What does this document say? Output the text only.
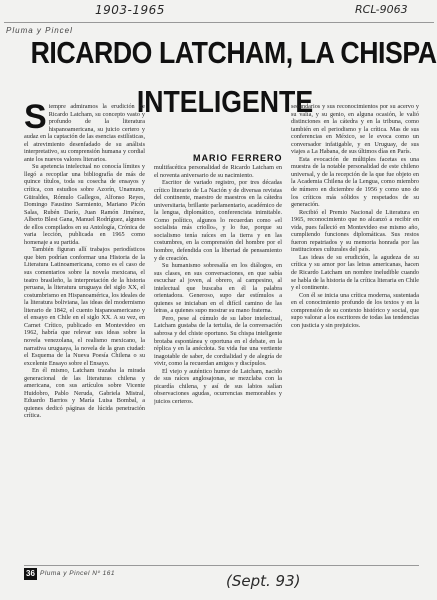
1903-1965	RCL-9063
Pluma y Pincel
RICARDO LATCHAM, LA CHISPA
INTELIGENTE
MARIO FERRERO
S iempre admiramos la erudición de Ricardo Latcham, su concepto vasto y profundo de la literatura hispanoamericana, su juicio certero y audaz en la captación de las esencias estilísticas, el atrevimiento desenfadado de su análisis interpretativo, su comprensión humana y cordial ante los nuevos valores literarios.

Su apetencia intelectual no conocía límites y llegó a recopilar una bibliografía de más de quince títulos, toda su cosecha de ensayos y crítica, con estudios sobre Azorín, Unamuno, Güiraldes, Rómulo Gallegos, Alfonso Reyes, Domingo Faustino Sarmiento, Mariano Picón Salas, Rubén Darío, Juan Ramón Jiménez, Alberto Blest Gana, Manuel Rodríguez, algunos de ellos compilados en su Antología, Crónica de varia lección, publicada en 1965 como homenaje a su partida.

También figuran allí trabajos periodísticos que bien podrían conformar una Historia de la Literatura Latinoamericana, como es el caso de sus comentarios sobre la novela mexicana, el teatro brasileño, la interpretación de la historia peruana, la literatura uruguaya del siglo XX, el costumbrismo en Hispanoamérica, los ideales de la literatura boliviana, las ideas del modernismo literario de 1842, el cuento hispanoamericano y el ensayo en Chile en el siglo XX. A su vez, en Carnet Crítico, publicado en Montevideo en 1962, habría que relevar sus ideas sobre la novela venezolana, el realismo mexicano, la narrativa uruguaya, la novela de la gran ciudad: el Esquema de la Nueva Poesía Chilena o su excelente Ensayo sobre el Ensayo.

En él mismo, Latcham trazaba la mirada generacional de las literaturas chilena y americana, con sus artículos sobre Vicente Huidobro, Pablo Neruda, Gabriela Mistral, Eduardo Barrios y María Luisa Bombal, a quienes dedicó páginas de lúcida penetración crítica.

multifacética personalidad de Ricardo Latcham en el noventa aniversario de su nacimiento.

Escritor de variado registro, por tres décadas crítico literario de La Nación y de diversas revistas del continente, maestro de maestros en la cátedra universitaria, brillante parlamentario, académico de la lengua, diplomático, conferencista inimitable. Como político, algunos lo recuerdan como «el socialista más criollo», y lo fue, porque su socialismo tenía raíces en la tierra y en las costumbres, en la comprensión del hombre por el hombre, defendida con la libertad de pensamiento y de creación.

Su humanismo sobresalía en los diálogos, en sus clases, en sus conversaciones, en que sabía escuchar al joven, al obrero, al campesino, al intelectual que buscaba en él la palabra orientadora. Generoso, supo dar estímulos a quienes se iniciaban en el difícil camino de las letras, a quienes supo mostrar su mano fraterna.

Pero, pese al cúmulo de su labor intelectual, Latcham gustaba de la tertulia, de la conversación sabrosa y del chiste oportuno. Su chispa inteligente brotaba espontánea y oportuna en el debate, en la réplica y en la anécdota. Su vida fue una vertiente inagotable de saber, de cordialidad y de alegría de vivir, como la recuerdan amigos y discípulos.

El viejo y auténtico humor de Latcham, nacido de sus raíces anglosajonas, se mezclaba con la picardía chilena, y así de sus labios salían observaciones agudas, ocurrencias memorables y juicios certeros.

secundarios y sus reconocimientos por su acervo y su valía, y su genio, en alguna ocasión, le valió distinciones en la cátedra y en la tribuna, como también en el periodismo y la crítica. Mas de sus conferencias en México, se le evoca como un conversador infatigable, y en Uruguay, de sus viajes a La Habana, de sus últimos días en París.

Esta evocación de múltiples facetas es una muestra de la notable personalidad de este chileno universal, y de la recepción de la que fue objeto en la Academia Chilena de la Lengua, como miembro de número en diciembre de 1956 y como uno de los críticos más sólidos y respetados de su generación.

Recibió el Premio Nacional de Literatura en 1965, reconocimiento que no alcanzó a recibir en vida, pues falleció en Montevideo ese mismo año, cumpliendo funciones diplomáticas. Sus restos fueron repatriados y su memoria honrada por las instituciones culturales del país.

Las ideas de su erudición, la agudeza de su crítica y su amor por las letras americanas, hacen de Ricardo Latcham un nombre ineludible cuando se habla de la historia de la crítica literaria en Chile y el continente.

Con él se inicia una crítica moderna, sustentada en el conocimiento profundo de los textos y en la comprensión de su contexto histórico y social, que supo valorar a los escritores de todas las tendencias con justicia y sin prejuicios.

36 Pluma y Pincel Nº 161	(Sept. 93)
